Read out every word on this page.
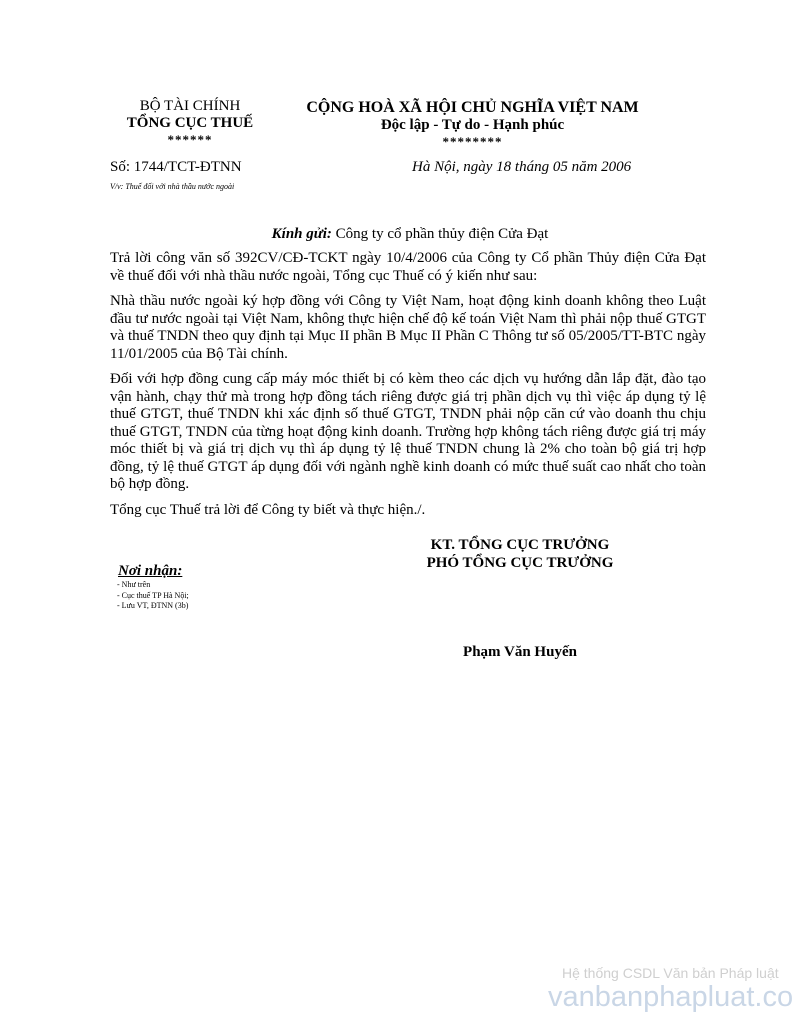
BỘ TÀI CHÍNH
TỔNG CỤC THUẾ
******
CỘNG HOÀ XÃ HỘI CHỦ NGHĨA VIỆT NAM
Độc lập - Tự do - Hạnh phúc
********
Số: 1744/TCT-ĐTNN	Hà Nội, ngày 18 tháng 05 năm 2006
V/v: Thuế đối với nhà thầu nước ngoài
Kính gửi: Công ty cổ phần thủy điện Cửa Đạt

Trả lời công văn số 392CV/CĐ-TCKT ngày 10/4/2006 của Công ty Cổ phần Thủy điện Cửa Đạt về thuế đối với nhà thầu nước ngoài, Tổng cục Thuế có ý kiến như sau:

Nhà thầu nước ngoài ký hợp đồng với Công ty Việt Nam, hoạt động kinh doanh không theo Luật đầu tư nước ngoài tại Việt Nam, không thực hiện chế độ kế toán Việt Nam thì phải nộp thuế GTGT và thuế TNDN theo quy định tại Mục II phần B Mục II Phần C Thông tư số 05/2005/TT-BTC ngày 11/01/2005 của Bộ Tài chính.

Đối với hợp đồng cung cấp máy móc thiết bị có kèm theo các dịch vụ hướng dẫn lắp đặt, đào tạo vận hành, chạy thử mà trong hợp đồng tách riêng được giá trị phần dịch vụ thì việc áp dụng tỷ lệ thuế GTGT, thuế TNDN khi xác định số thuế GTGT, TNDN phải nộp căn cứ vào doanh thu chịu thuế GTGT, TNDN của từng hoạt động kinh doanh. Trường hợp không tách riêng được giá trị máy móc thiết bị và giá trị dịch vụ thì áp dụng tỷ lệ thuế TNDN chung là 2% cho toàn bộ giá trị hợp đồng, tỷ lệ thuế GTGT áp dụng đối với ngành nghề kinh doanh có mức thuế suất cao nhất cho toàn bộ hợp đồng.

Tổng cục Thuế trả lời để Công ty biết và thực hiện./.

Nơi nhận:
- Như trên
- Cục thuế TP Hà Nội;
- Lưu VT, ĐTNN (3b)
KT. TỔNG CỤC TRƯỞNG
PHÓ TỔNG CỤC TRƯỞNG
Phạm Văn Huyến
Hệ thống CSDL Văn bản Pháp luật
vanbanphapluat.co
